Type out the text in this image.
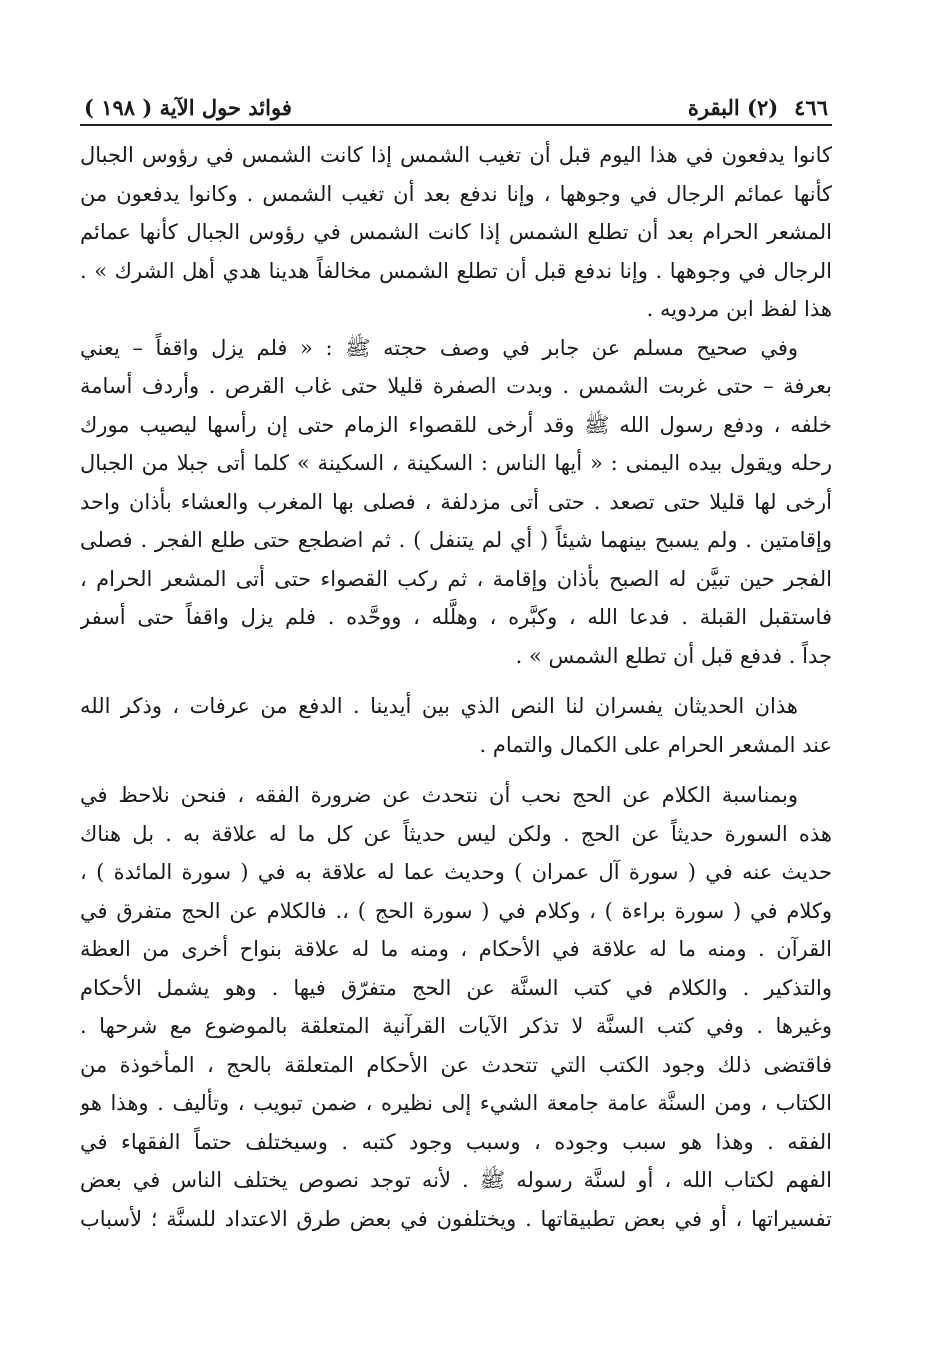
٤٦٦
(٢) البقرة
فوائد حول الآية ( ١٩٨ )

كانوا يدفعون في هذا اليوم قبل أن تغيب الشمس إذا كانت الشمس في رؤوس الجبال
كأنها عمائم الرجال في وجوهها ، وإنا ندفع بعد أن تغيب الشمس . وكانوا يدفعون من
المشعر الحرام بعد أن تطلع الشمس إذا كانت الشمس في رؤوس الجبال كأنها عمائم
الرجال في وجوهها . وإنا ندفع قبل أن تطلع الشمس مخالفاً هدينا هدي أهل الشرك » .
هذا لفظ ابن مردويه .

وفي صحيح مسلم عن جابر في وصف حجته ﷺ : « فلم يزل واقفاً – يعني
بعرفة – حتى غربت الشمس . وبدت الصفرة قليلا حتى غاب القرص . وأردف أسامة
خلفه ، ودفع رسول الله ﷺ وقد أرخى للقصواء الزمام حتى إن رأسها ليصيب مورك
رحله ويقول بيده اليمنى : « أيها الناس : السكينة ، السكينة » كلما أتى جبلا من الجبال
أرخى لها قليلا حتى تصعد . حتى أتى مزدلفة ، فصلى بها المغرب والعشاء بأذان واحد
وإقامتين . ولم يسبح بينهما شيئاً ( أي لم يتنفل ) . ثم اضطجع حتى طلع الفجر . فصلى
الفجر حين تبيَّن له الصبح بأذان وإقامة ، ثم ركب القصواء حتى أتى المشعر الحرام ،
فاستقبل القبلة . فدعا الله ، وكبَّره ، وهلَّله ، ووحَّده . فلم يزل واقفاً حتى أسفر
جداً . فدفع قبل أن تطلع الشمس » .

هذان الحديثان يفسران لنا النص الذي بين أيدينا . الدفع من عرفات ، وذكر الله
عند المشعر الحرام على الكمال والتمام .

وبمناسبة الكلام عن الحج نحب أن نتحدث عن ضرورة الفقه ، فنحن نلاحظ في
هذه السورة حديثاً عن الحج . ولكن ليس حديثاً عن كل ما له علاقة به . بل هناك
حديث عنه في ( سورة آل عمران ) وحديث عما له علاقة به في ( سورة المائدة ) ،
وكلام في ( سورة براءة ) ، وكلام في ( سورة الحج ) ،. فالكلام عن الحج متفرق في
القرآن . ومنه ما له علاقة في الأحكام ، ومنه ما له علاقة بنواح أخرى من العظة
والتذكير . والكلام في كتب السنَّة عن الحج متفرّق فيها . وهو يشمل الأحكام
وغيرها . وفي كتب السنَّة لا تذكر الآيات القرآنية المتعلقة بالموضوع مع شرحها .
فاقتضى ذلك وجود الكتب التي تتحدث عن الأحكام المتعلقة بالحج ، المأخوذة من
الكتاب ، ومن السنَّة عامة جامعة الشيء إلى نظيره ، ضمن تبويب ، وتأليف . وهذا هو
الفقه . وهذا هو سبب وجوده ، وسبب وجود كتبه . وسيختلف حتماً الفقهاء في
الفهم لكتاب الله ، أو لسنَّة رسوله ﷺ . لأنه توجد نصوص يختلف الناس في بعض
تفسيراتها ، أو في بعض تطبيقاتها . ويختلفون في بعض طرق الاعتداد للسنَّة ؛ لأسباب
